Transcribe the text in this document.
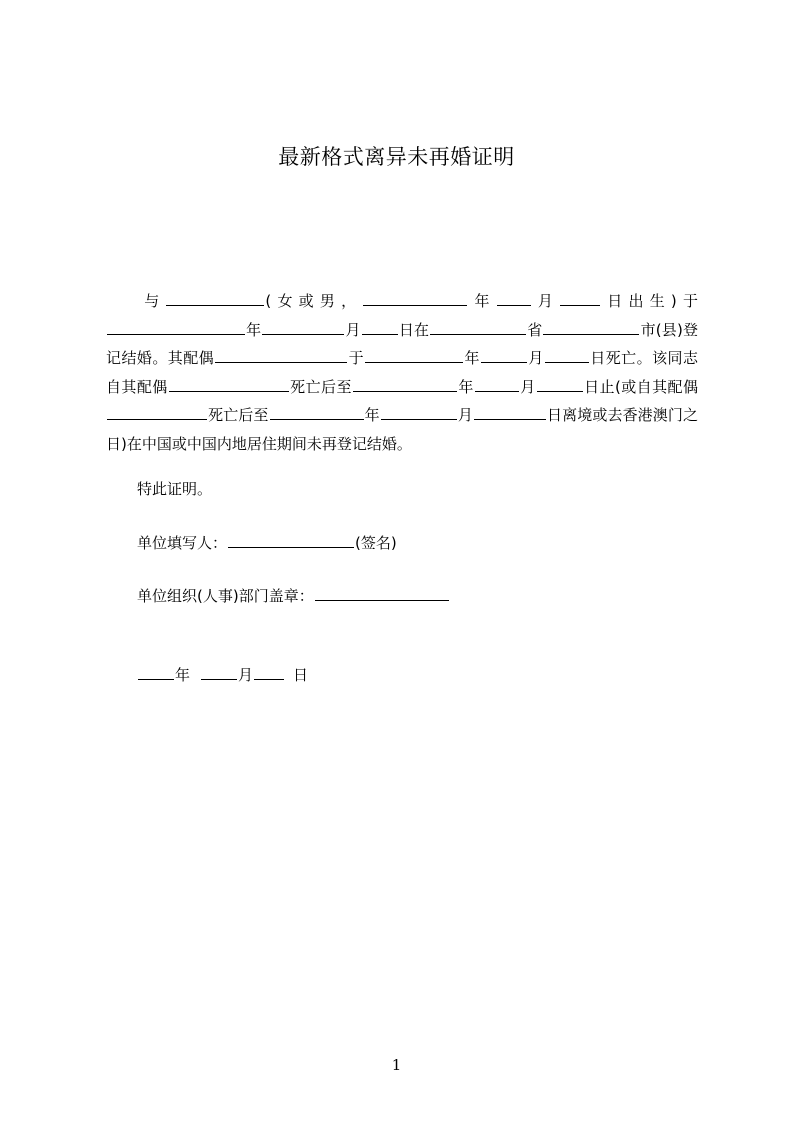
最新格式离异未再婚证明
与	(女或男，	年 月	日出生)于年	月	日在	省	市(县)登记结婚。其配偶	于	年	月	日死亡。该同志自其配偶	死亡后至	年	月	日止(或自其配偶死亡后至	年	月	日离境或去香港澳门之日)在中国或中国内地居住期间未再登记结婚。
特此证明。
单位填写人：	(签名)
单位组织(人事)部门盖章：
年	月	日
1
